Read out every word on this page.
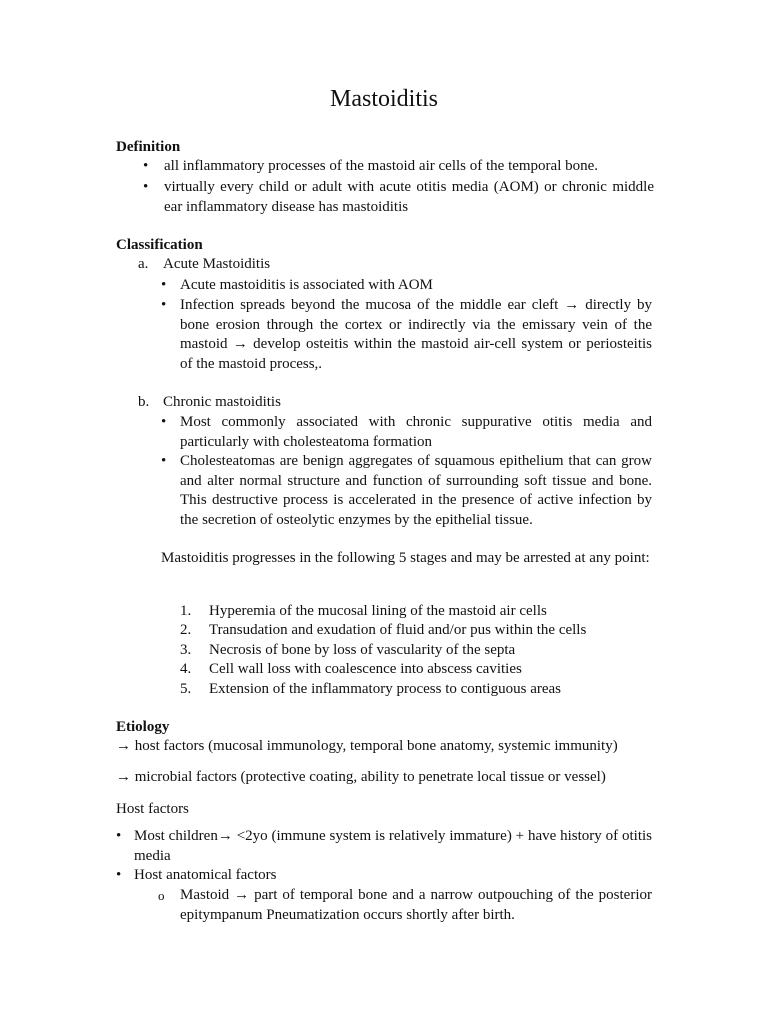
Mastoiditis
Definition
• all inflammatory processes of the mastoid air cells of the temporal bone.
• virtually every child or adult with acute otitis media (AOM) or chronic middle ear inflammatory disease has mastoiditis
Classification
a. Acute Mastoiditis
• Acute mastoiditis is associated with AOM
• Infection spreads beyond the mucosa of the middle ear cleft → directly by bone erosion through the cortex or indirectly via the emissary vein of the mastoid → develop osteitis within the mastoid air-cell system or periosteitis of the mastoid process,.
b. Chronic mastoiditis
• Most commonly associated with chronic suppurative otitis media and particularly with cholesteatoma formation
• Cholesteatomas are benign aggregates of squamous epithelium that can grow and alter normal structure and function of surrounding soft tissue and bone. This destructive process is accelerated in the presence of active infection by the secretion of osteolytic enzymes by the epithelial tissue.
Mastoiditis progresses in the following 5 stages and may be arrested at any point:
1. Hyperemia of the mucosal lining of the mastoid air cells
2. Transudation and exudation of fluid and/or pus within the cells
3. Necrosis of bone by loss of vascularity of the septa
4. Cell wall loss with coalescence into abscess cavities
5. Extension of the inflammatory process to contiguous areas
Etiology
→ host factors (mucosal immunology, temporal bone anatomy, systemic immunity)
→ microbial factors (protective coating, ability to penetrate local tissue or vessel)
Host factors
• Most children→ <2yo (immune system is relatively immature) + have history of otitis media
• Host anatomical factors
o Mastoid → part of temporal bone and a narrow outpouching of the posterior epitympanum Pneumatization occurs shortly after birth.
